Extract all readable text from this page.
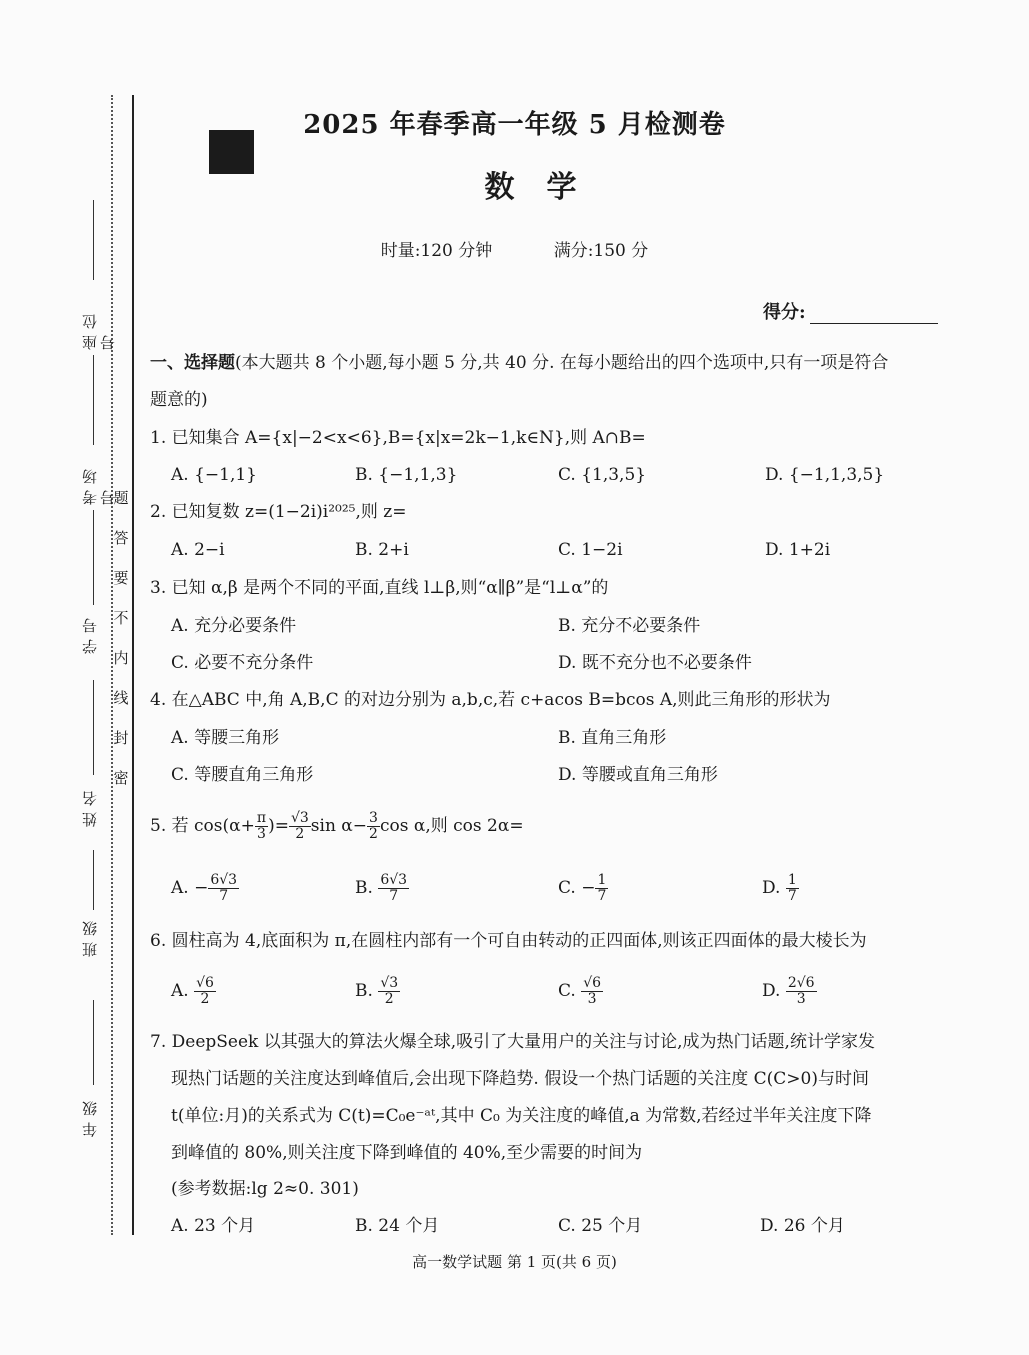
题
答
要
不
内
线
封
密
座位号
考场号
学号
姓名
班级
年级
2025 年春季高一年级 5 月检测卷
数学
时量:120 分钟	满分:150 分
得分:
一、选择题(本大题共 8 个小题,每小题 5 分,共 40 分. 在每小题给出的四个选项中,只有一项是符合
题意的)
1. 已知集合 A={x|−2<x<6},B={x|x=2k−1,k∈N},则 A∩B=
A. {−1,1}	B. {−1,1,3}	C. {1,3,5}	D. {−1,1,3,5}
2. 已知复数 z=(1−2i)i²⁰²⁵,则 z=
A. 2−i	B. 2+i	C. 1−2i	D. 1+2i
3. 已知 α,β 是两个不同的平面,直线 l⊥β,则“α∥β”是“l⊥α”的
A. 充分必要条件	B. 充分不必要条件
C. 必要不充分条件	D. 既不充分也不必要条件
4. 在△ABC 中,角 A,B,C 的对边分别为 a,b,c,若 c+acos B=bcos A,则此三角形的形状为
A. 等腰三角形	B. 直角三角形
C. 等腰直角三角形	D. 等腰或直角三角形
5. 若 $\cos(\alpha+ \frac{\pi}{3}$ )= $\frac{√3}{2}$ $\sin \alpha- \frac{3}{2}$ cos α,则 cos 2α=
A. − $\frac{6√3}{7}$	B. $\frac{6√3}{7}$	C. − $\frac{1}{7}$	D. $\frac{1}{7}$
6. 圆柱高为 4,底面积为 π,在圆柱内部有一个可自由转动的正四面体,则该正四面体的最大棱长为
A. $\frac{√6}{2}$	B. $\frac{√3}{2}$	C. $\frac{√6}{3}$	D. $\frac{2√6}{3}$
7. DeepSeek 以其强大的算法火爆全球,吸引了大量用户的关注与讨论,成为热门话题,统计学家发
现热门话题的关注度达到峰值后,会出现下降趋势. 假设一个热门话题的关注度 C(C>0)与时间
t(单位:月)的关系式为 C(t)=C₀e⁻ᵃᵗ,其中 C₀ 为关注度的峰值,a 为常数,若经过半年关注度下降
到峰值的 80%,则关注度下降到峰值的 40%,至少需要的时间为
(参考数据:lg 2≈0. 301)
A. 23 个月	B. 24 个月	C. 25 个月	D. 26 个月
高一数学试题 第 1 页(共 6 页)
